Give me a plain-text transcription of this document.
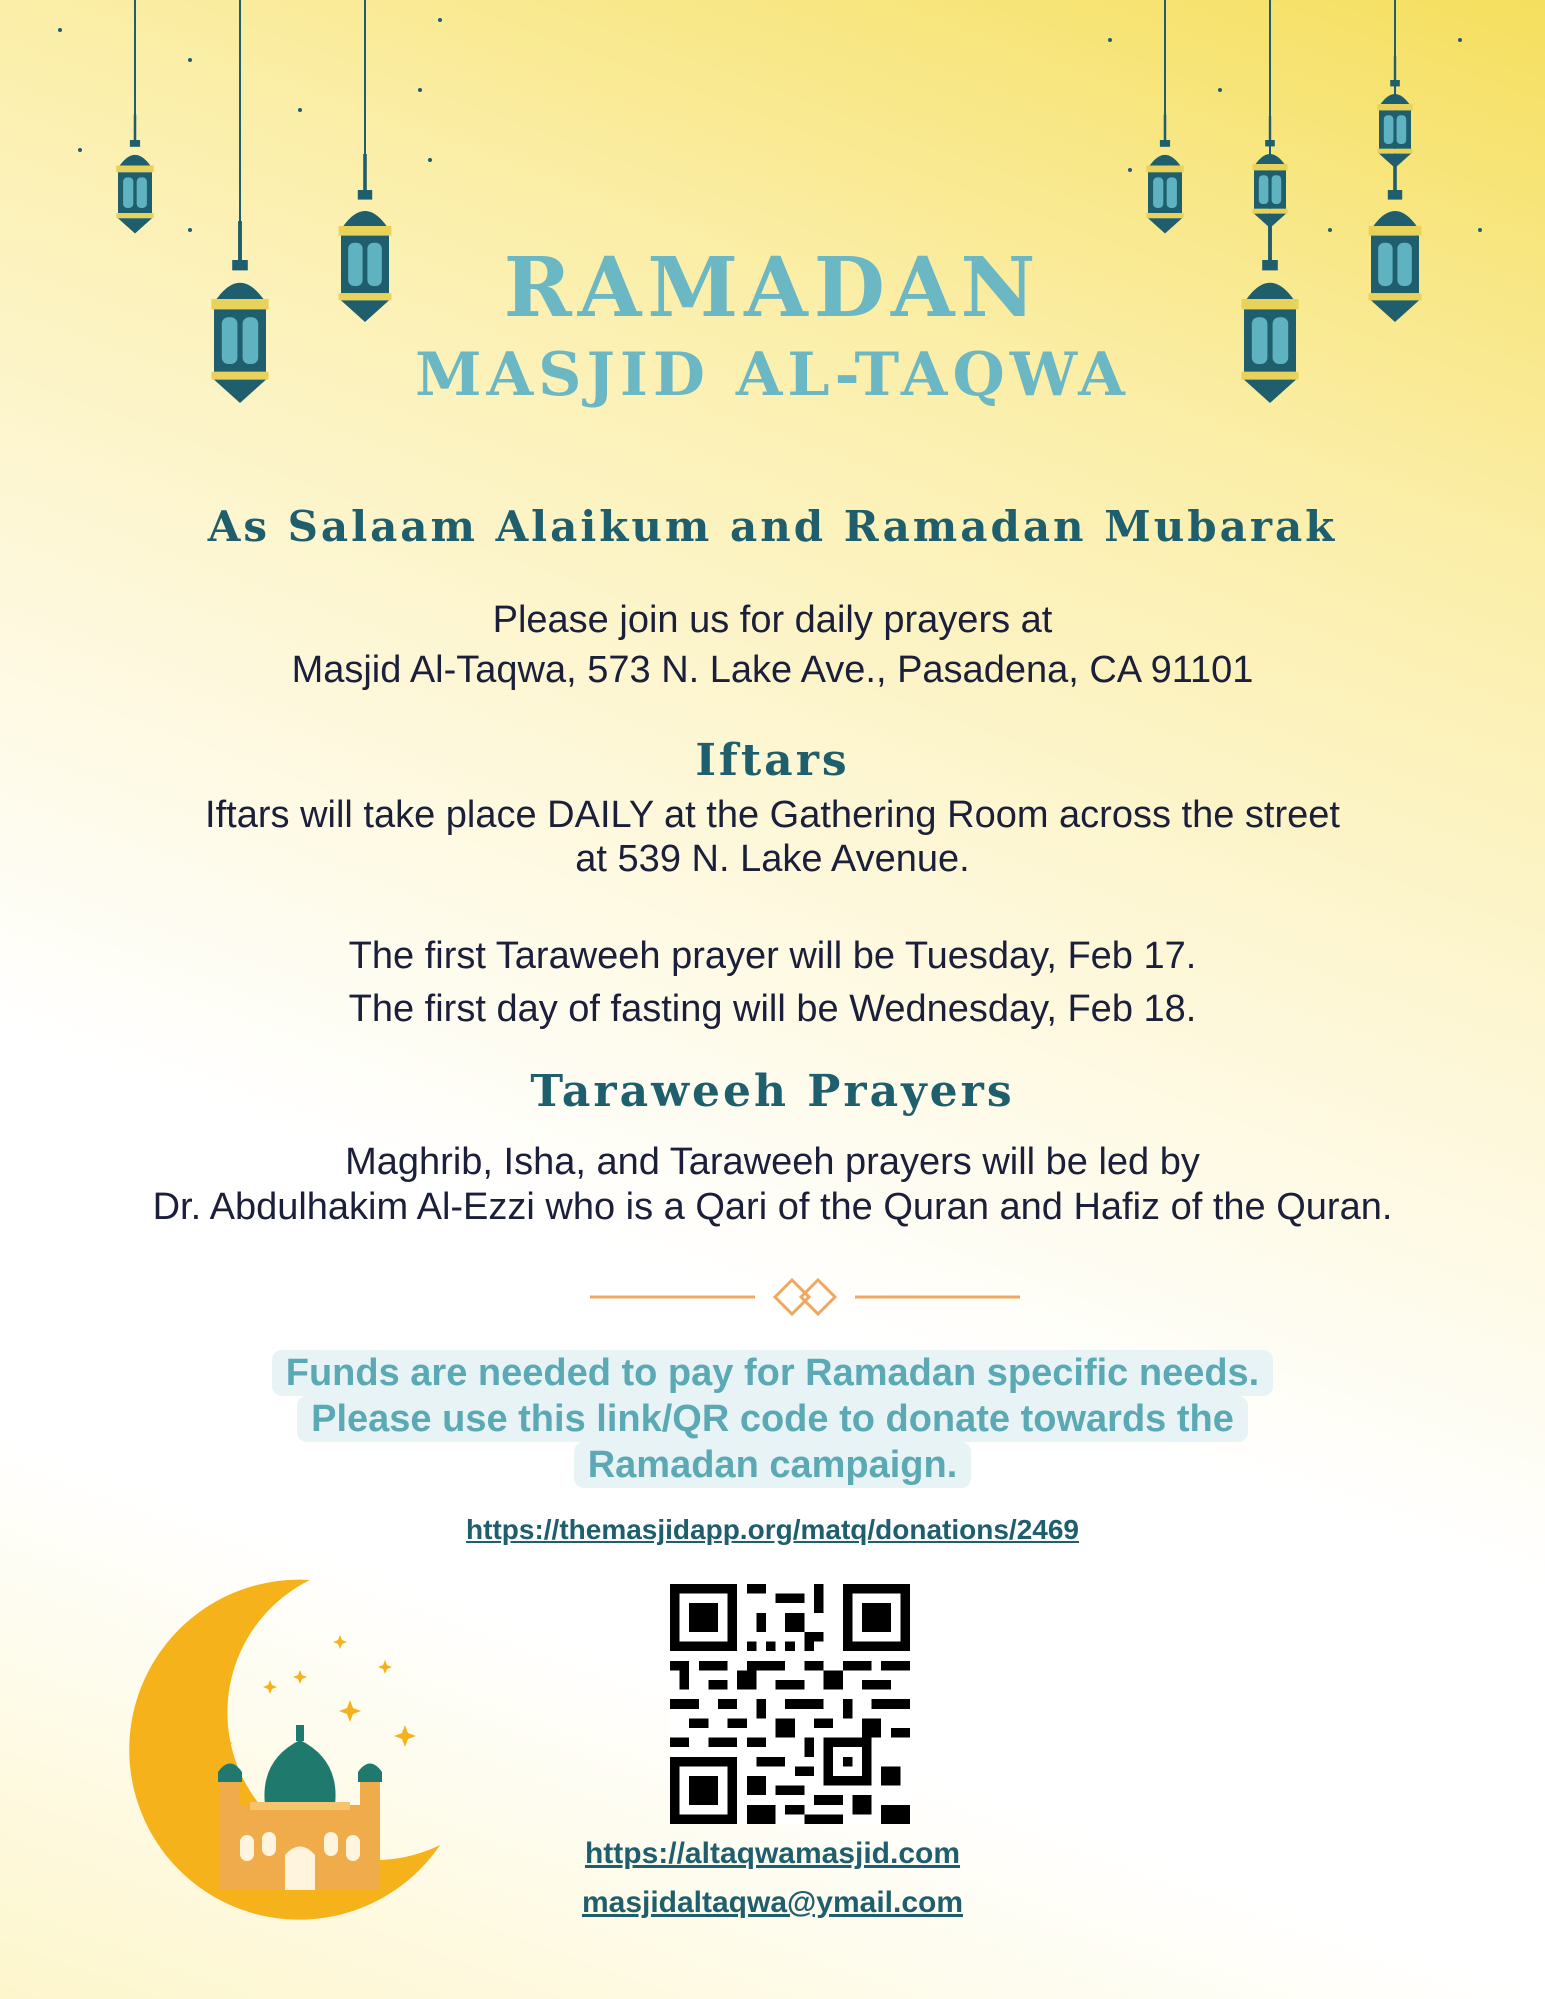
RAMADAN
MASJID AL-TAQWA
As Salaam Alaikum and Ramadan Mubarak
Please join us for daily prayers at
Masjid Al-Taqwa, 573 N. Lake Ave., Pasadena, CA 91101
Iftars
Iftars will take place DAILY at the Gathering Room across the street
at 539 N. Lake Avenue.
The first Taraweeh prayer will be Tuesday, Feb 17.
The first day of fasting will be Wednesday, Feb 18.
Taraweeh Prayers
Maghrib, Isha, and Taraweeh prayers will be led by
Dr. Abdulhakim Al-Ezzi who is a Qari of the Quran and Hafiz of the Quran.
Funds are needed to pay for Ramadan specific needs.
Please use this link/QR code to donate towards the
Ramadan campaign.
https://themasjidapp.org/matq/donations/2469
https://altaqwamasjid.com
masjidaltaqwa@ymail.com
